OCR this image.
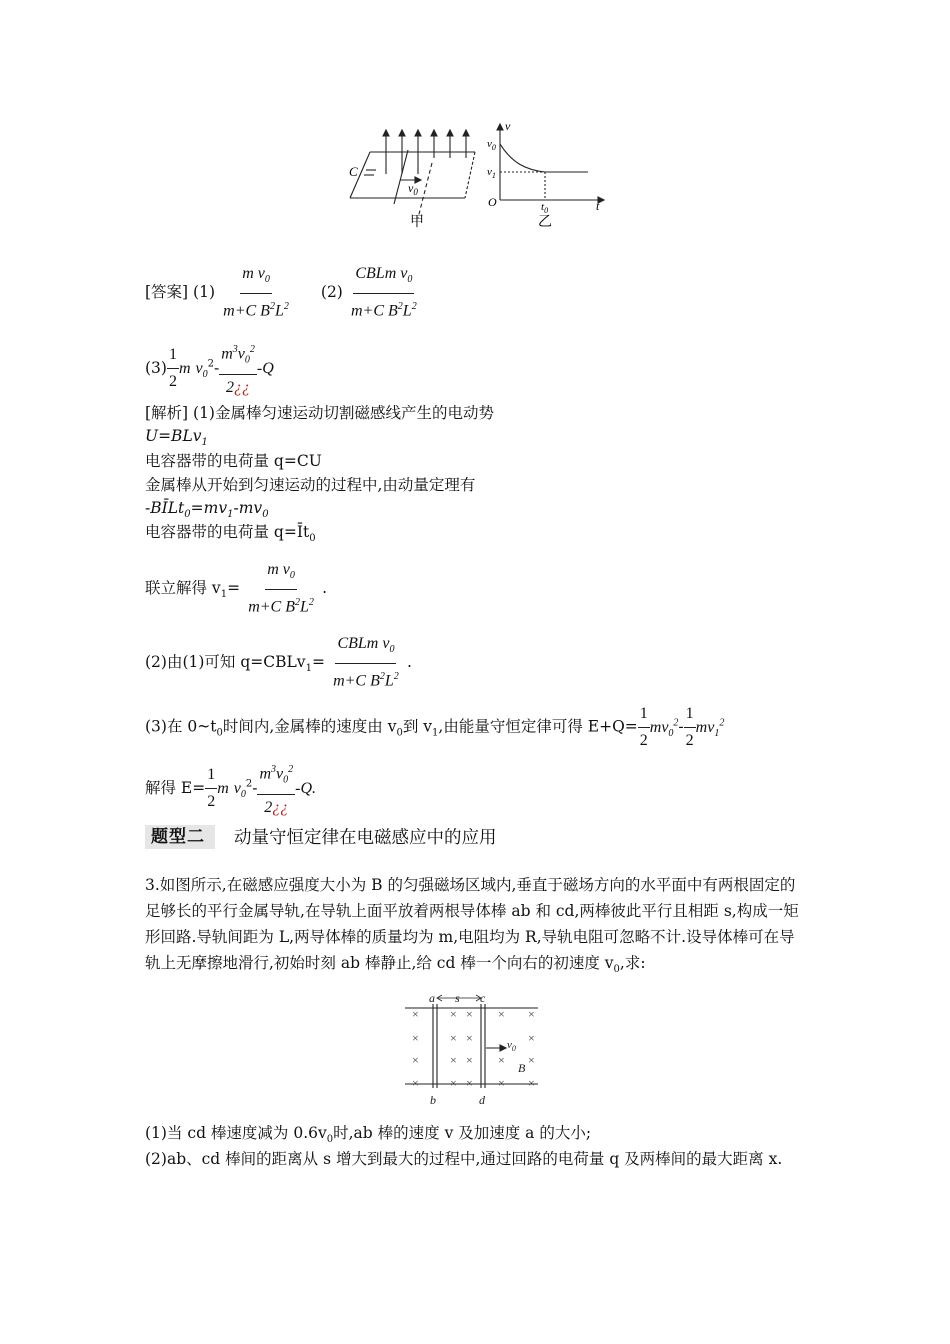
C
$v_0$
甲
v
$v_0$
$v_1$
O	$t_0$	t
乙
[答案] $(1) \frac{m v_0}{m+C B^2L^2} (2) \frac{CBLm v_0}{m+C B^2L^2}$
$(3) \frac{1}{2}$ m $v_0^2- \frac{m^3v_0^2}{2¿¿} -Q$
[解析] (1)金属棒匀速运动切割磁感线产生的电动势
U=BLv$_1$
电容器带的电荷量 q=CU
金属棒从开始到匀速运动的过程中,由动量定理有
$-BĪLt_0=mv_1-mv_0$
电容器带的电荷量 $q=Īt_0$
联立解得 $v_1= \frac{m v_0}{m+C B^2L^2}$ .
(2)由(1)可知 q=CBLv$_1$= $\frac{CBLm v_0}{m+C B^2L^2}$ .
(3)在 $0\sim t_0$时间内,金属棒的速度由 $v_0$到 $v_1$,由能量守恒定律可得 $E+Q= \frac{1}{2} mv_0^2- \frac{1}{2} mv_1^2$
解得 $E= \frac{1}{2}$ m $v_0^2- \frac{m^3v_0^2}{2¿¿} -Q$.
题型二	动量守恒定律在电磁感应中的应用
3.如图所示,在磁感应强度大小为 B 的匀强磁场区域内,垂直于磁场方向的水平面中有两根固定的足够长的平行金属导轨,在导轨上面平放着两根导体棒 ab 和 cd,两棒彼此平行且相距 s,构成一矩形回路.导轨间距为 L,两导体棒的质量均为 m,电阻均为 R,导轨电阻可忽略不计.设导体棒可在导轨上无摩擦地滑行,初始时刻 ab 棒静止,给 cd 棒一个向右的初速度 $v_0$,求:
×
×
×
×
×
×
×
×
×
×
×
×
×
×
×
×
×
×
×
a s c
b	d
$v_0$
B
(1)当 cd 棒速度减为 $0.6v_0$时,ab 棒的速度 v 及加速度 a 的大小;
(2)ab、cd 棒间的距离从 s 增大到最大的过程中,通过回路的电荷量 q 及两棒间的最大距离 x.
